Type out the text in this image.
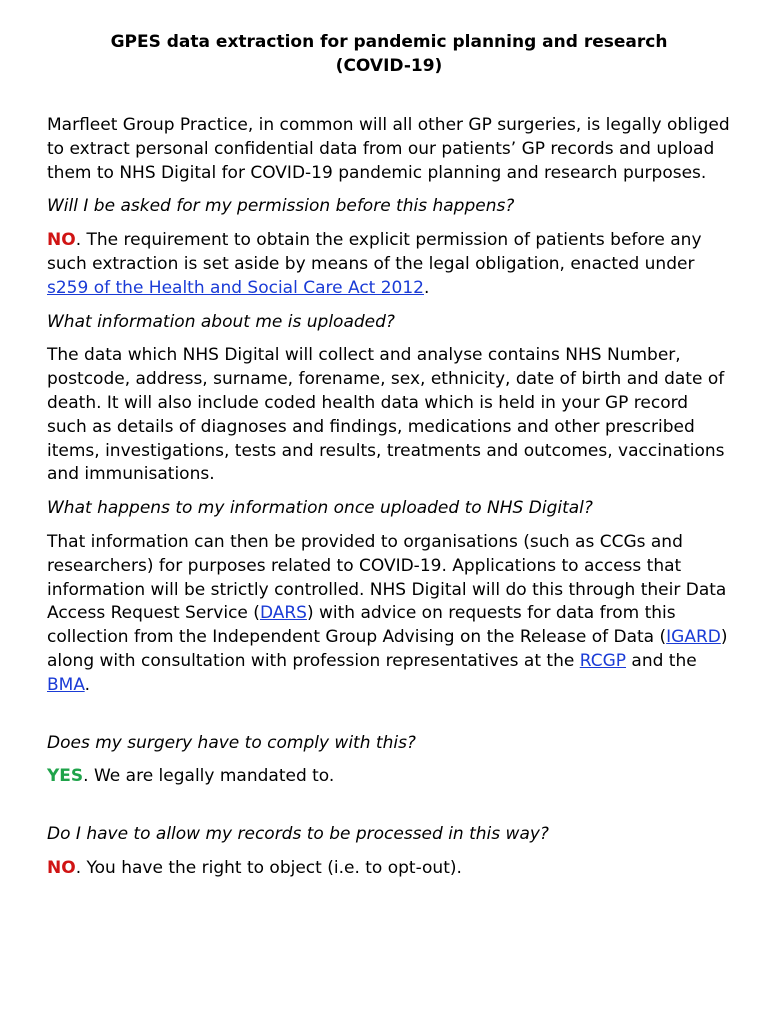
GPES data extraction for pandemic planning and research
(COVID-19)

Marfleet Group Practice, in common will all other GP surgeries, is legally obliged to extract personal confidential data from our patients’ GP records and upload them to NHS Digital for COVID-19 pandemic planning and research purposes.

Will I be asked for my permission before this happens?

NO. The requirement to obtain the explicit permission of patients before any such extraction is set aside by means of the legal obligation, enacted under s259 of the Health and Social Care Act 2012.

What information about me is uploaded?

The data which NHS Digital will collect and analyse contains NHS Number, postcode, address, surname, forename, sex, ethnicity, date of birth and date of death. It will also include coded health data which is held in your GP record such as details of diagnoses and findings, medications and other prescribed items, investigations, tests and results, treatments and outcomes, vaccinations and immunisations.

What happens to my information once uploaded to NHS Digital?

That information can then be provided to organisations (such as CCGs and researchers) for purposes related to COVID-19. Applications to access that information will be strictly controlled. NHS Digital will do this through their Data Access Request Service (DARS) with advice on requests for data from this collection from the Independent Group Advising on the Release of Data (IGARD) along with consultation with profession representatives at the RCGP and the BMA.

Does my surgery have to comply with this?

YES. We are legally mandated to.

Do I have to allow my records to be processed in this way?

NO. You have the right to object (i.e. to opt-out).
